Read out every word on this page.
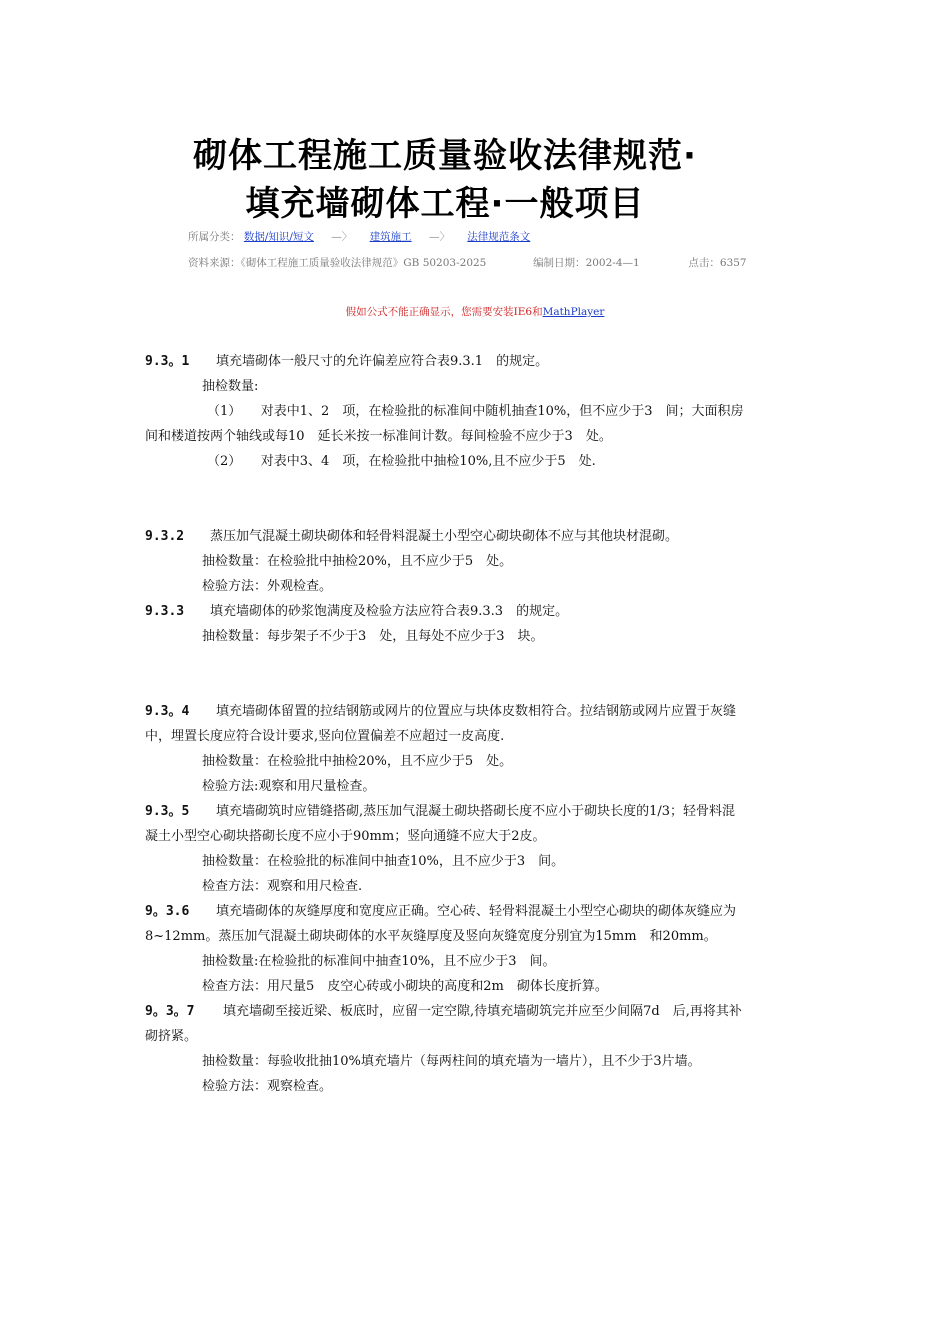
砌体工程施工质量验收法律规范·
填充墙砌体工程·一般项目
所属分类： 数据/知识/短文 —〉 建筑施工 —〉 法律规范条文
资料来源：《砌体工程施工质量验收法律规范》GB 50203-2025	编制日期：2002-4—1	点击：6357
假如公式不能正确显示，您需要安装IE6和MathPlayer

9.3。1 填充墙砌体一般尺寸的允许偏差应符合表9.3.1　的规定。

抽检数量:

（1）　　对表中1、2　项，在检验批的标准间中随机抽查10%，但不应少于3　间；大面积房

间和楼道按两个轴线或每10　延长米按一标准间计数。每间检验不应少于3　处。

（2）　　对表中3、4　项，在检验批中抽检10%,且不应少于5　处.

9.3.2 蒸压加气混凝土砌块砌体和轻骨料混凝土小型空心砌块砌体不应与其他块材混砌。

抽检数量：在检验批中抽检20%，且不应少于5　处。

检验方法：外观检查。

9.3.3 填充墙砌体的砂浆饱满度及检验方法应符合表9.3.3　的规定。

抽检数量：每步架子不少于3　处，且每处不应少于3　块。

9.3。4 填充墙砌体留置的拉结钢筋或网片的位置应与块体皮数相符合。拉结钢筋或网片应置于灰缝

中，埋置长度应符合设计要求,竖向位置偏差不应超过一皮高度.

抽检数量：在检验批中抽检20%，且不应少于5　处。

检验方法:观察和用尺量检查。

9.3。5 填充墙砌筑时应错缝搭砌,蒸压加气混凝土砌块搭砌长度不应小于砌块长度的1/3；轻骨料混

凝土小型空心砌块搭砌长度不应小于90mm；竖向通缝不应大于2皮。

抽检数量：在检验批的标准间中抽查10%，且不应少于3　间。

检查方法：观察和用尺检查.

9。3.6 填充墙砌体的灰缝厚度和宽度应正确。空心砖、轻骨料混凝土小型空心砌块的砌体灰缝应为

8~12mm。蒸压加气混凝土砌块砌体的水平灰缝厚度及竖向灰缝宽度分别宜为15mm　和20mm。

抽检数量:在检验批的标准间中抽查10%，且不应少于3　间。

检查方法：用尺量5　皮空心砖或小砌块的高度和2m　砌体长度折算。

9。3。7 填充墙砌至接近梁、板底时，应留一定空隙,待填充墙砌筑完并应至少间隔7d　后,再将其补

砌挤紧。

抽检数量：每验收批抽10%填充墙片（每两柱间的填充墙为一墙片），且不少于3片墙。

检验方法：观察检查。
